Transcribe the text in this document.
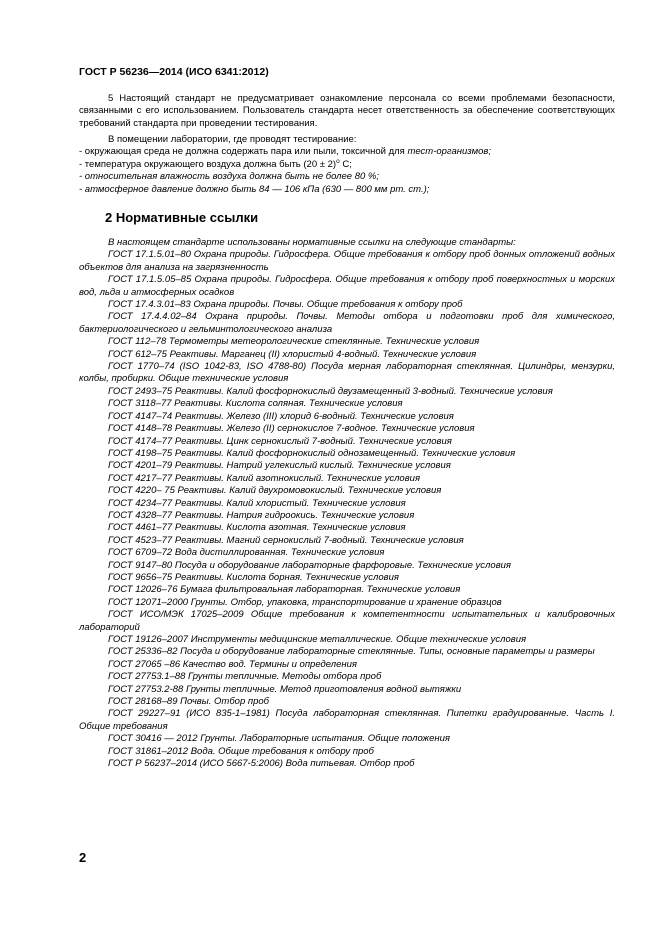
ГОСТ Р 56236—2014 (ИСО 6341:2012)

5 Настоящий стандарт не предусматривает ознакомление персонала со всеми проблемами безопасности, связанными с его использованием. Пользователь стандарта несет ответственность за обеспечение соответствующих требований стандарта при проведении тестирования.

В помещении лаборатории, где проводят тестирование:

- окружающая среда не должна содержать пара или пыли, токсичной для тест-организмов;

- температура окружающего воздуха должна быть $(20 \pm 2)^o$ С;

- относительная влажность воздуха должна быть не более 80 %;

- атмосферное давление должно быть 84 — 106 кПа (630 — 800 мм рт. ст.);

2 Нормативные ссылки

В настоящем стандарте использованы нормативные ссылки на следующие стандарты:

ГОСТ 17.1.5.01–80 Охрана природы. Гидросфера. Общие требования к отбору проб донных отложений водных объектов для анализа на загрязненность

ГОСТ 17.1.5.05–85 Охрана природы. Гидросфера. Общие требования к отбору проб поверхностных и морских вод, льда и атмосферных осадков

ГОСТ 17.4.3.01–83 Охрана природы. Почвы. Общие требования к отбору проб

ГОСТ 17.4.4.02–84 Охрана природы. Почвы. Методы отбора и подготовки проб для химического, бактериологического и гельминтологического анализа

ГОСТ 112–78 Термометры метеорологические стеклянные. Технические условия

ГОСТ 612–75 Реактивы. Марганец (II) хлористый 4-водный. Технические условия

ГОСТ 1770–74 (ISO 1042-83, ISO 4788-80) Посуда мерная лабораторная стеклянная. Цилиндры, мензурки, колбы, пробирки. Общие технические условия

ГОСТ 2493–75 Реактивы. Калий фосфорнокислый двузамещенный 3-водный. Технические условия

ГОСТ 3118–77 Реактивы. Кислота соляная. Технические условия

ГОСТ 4147–74 Реактивы. Железо (III) хлорид 6-водный. Технические условия

ГОСТ 4148–78 Реактивы. Железо (II) сернокислое 7-водное. Технические условия

ГОСТ 4174–77 Реактивы. Цинк сернокислый 7-водный. Технические условия

ГОСТ 4198–75 Реактивы. Калий фосфорнокислый однозамещенный. Технические условия

ГОСТ 4201–79 Реактивы. Натрий углекислый кислый. Технические условия

ГОСТ 4217–77 Реактивы. Калий азотнокислый. Технические условия

ГОСТ 4220– 75 Реактивы. Калий двухромовокислый. Технические условия

ГОСТ 4234–77 Реактивы. Калий хлористый. Технические условия

ГОСТ 4328–77 Реактивы. Натрия гидроокись. Технические условия

ГОСТ 4461–77 Реактивы. Кислота азотная. Технические условия

ГОСТ 4523–77 Реактивы. Магний сернокислый 7-водный. Технические условия

ГОСТ 6709–72 Вода дистиллированная. Технические условия

ГОСТ 9147–80 Посуда и оборудование лабораторные фарфоровые. Технические условия

ГОСТ 9656–75 Реактивы. Кислота борная. Технические условия

ГОСТ 12026–76 Бумага фильтровальная лабораторная. Технические условия

ГОСТ 12071–2000 Грунты. Отбор, упаковка, транспортирование и хранение образцов

ГОСТ ИСО/МЭК 17025–2009 Общие требования к компетентности испытательных и калибровочных лабораторий

ГОСТ 19126–2007 Инструменты медицинские металлические. Общие технические условия

ГОСТ 25336–82 Посуда и оборудование лабораторные стеклянные. Типы, основные параметры и размеры

ГОСТ 27065 –86 Качество вод. Термины и определения

ГОСТ 27753.1–88 Грунты тепличные. Методы отбора проб

ГОСТ 27753.2-88 Грунты тепличные. Метод приготовления водной вытяжки

ГОСТ 28168–89 Почвы. Отбор проб

ГОСТ 29227–91 (ИСО 835-1–1981) Посуда лабораторная стеклянная. Пипетки градуированные. Часть I. Общие требования

ГОСТ 30416 — 2012 Грунты. Лабораторные испытания. Общие положения

ГОСТ 31861–2012 Вода. Общие требования к отбору проб

ГОСТ Р 56237–2014 (ИСО 5667-5:2006) Вода питьевая. Отбор проб

2
